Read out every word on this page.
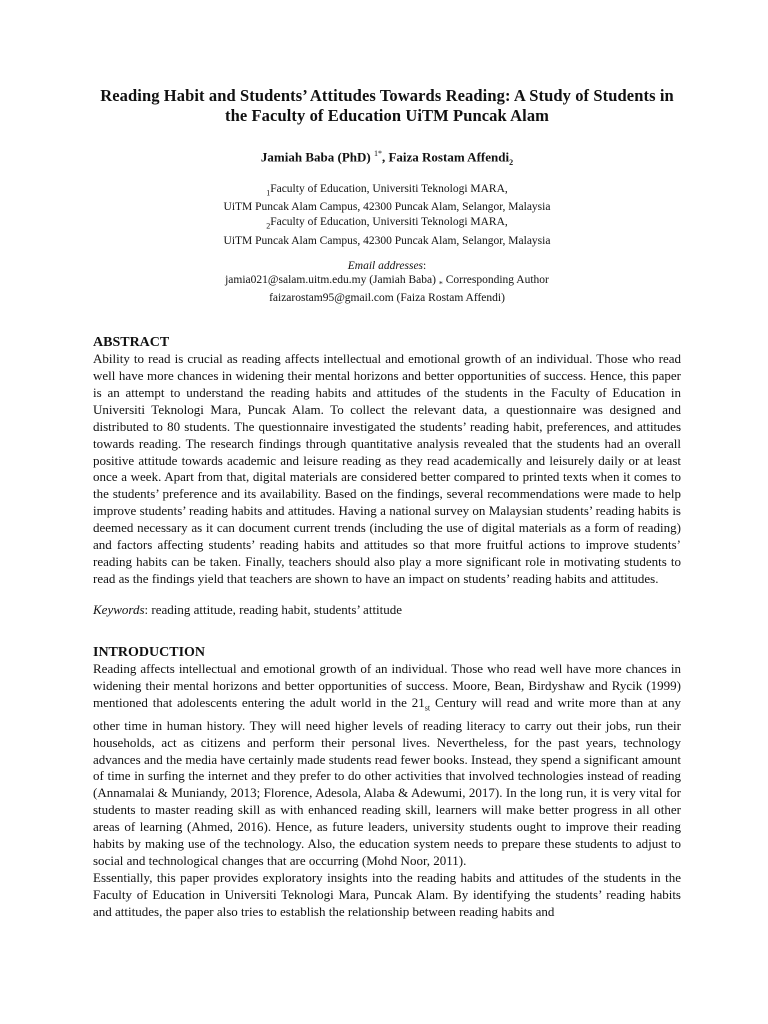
Reading Habit and Students’ Attitudes Towards Reading: A Study of Students in the Faculty of Education UiTM Puncak Alam
Jamiah Baba (PhD) $^{1*}$, Faiza Rostam Affendi$_2$
$_1$Faculty of Education, Universiti Teknologi MARA,
UiTM Puncak Alam Campus, 42300 Puncak Alam, Selangor, Malaysia
$_2$Faculty of Education, Universiti Teknologi MARA,
UiTM Puncak Alam Campus, 42300 Puncak Alam, Selangor, Malaysia
Email addresses:
jamia021@salam.uitm.edu.my (Jamiah Baba) $_*$ Corresponding Author
faizarostam95@gmail.com (Faiza Rostam Affendi)
ABSTRACT

Ability to read is crucial as reading affects intellectual and emotional growth of an individual. Those who read well have more chances in widening their mental horizons and better opportunities of success. Hence, this paper is an attempt to understand the reading habits and attitudes of the students in the Faculty of Education in Universiti Teknologi Mara, Puncak Alam. To collect the relevant data, a questionnaire was designed and distributed to 80 students. The questionnaire investigated the students’ reading habit, preferences, and attitudes towards reading. The research findings through quantitative analysis revealed that the students had an overall positive attitude towards academic and leisure reading as they read academically and leisurely daily or at least once a week. Apart from that, digital materials are considered better compared to printed texts when it comes to the students’ preference and its availability. Based on the findings, several recommendations were made to help improve students’ reading habits and attitudes. Having a national survey on Malaysian students’ reading habits is deemed necessary as it can document current trends (including the use of digital materials as a form of reading) and factors affecting students’ reading habits and attitudes so that more fruitful actions to improve students’ reading habits can be taken. Finally, teachers should also play a more significant role in motivating students to read as the findings yield that teachers are shown to have an impact on students’ reading habits and attitudes.

Keywords: reading attitude, reading habit, students’ attitude
INTRODUCTION

Reading affects intellectual and emotional growth of an individual. Those who read well have more chances in widening their mental horizons and better opportunities of success. Moore, Bean, Birdyshaw and Rycik (1999) mentioned that adolescents entering the adult world in the $21_{st}$ Century will read and write more than at any other time in human history. They will need higher levels of reading literacy to carry out their jobs, run their households, act as citizens and perform their personal lives. Nevertheless, for the past years, technology advances and the media have certainly made students read fewer books. Instead, they spend a significant amount of time in surfing the internet and they prefer to do other activities that involved technologies instead of reading (Annamalai & Muniandy, 2013; Florence, Adesola, Alaba & Adewumi, 2017). In the long run, it is very vital for students to master reading skill as with enhanced reading skill, learners will make better progress in all other areas of learning (Ahmed, 2016). Hence, as future leaders, university students ought to improve their reading habits by making use of the technology. Also, the education system needs to prepare these students to adjust to social and technological changes that are occurring (Mohd Noor, 2011).

Essentially, this paper provides exploratory insights into the reading habits and attitudes of the students in the Faculty of Education in Universiti Teknologi Mara, Puncak Alam. By identifying the students’ reading habits and attitudes, the paper also tries to establish the relationship between reading habits and
